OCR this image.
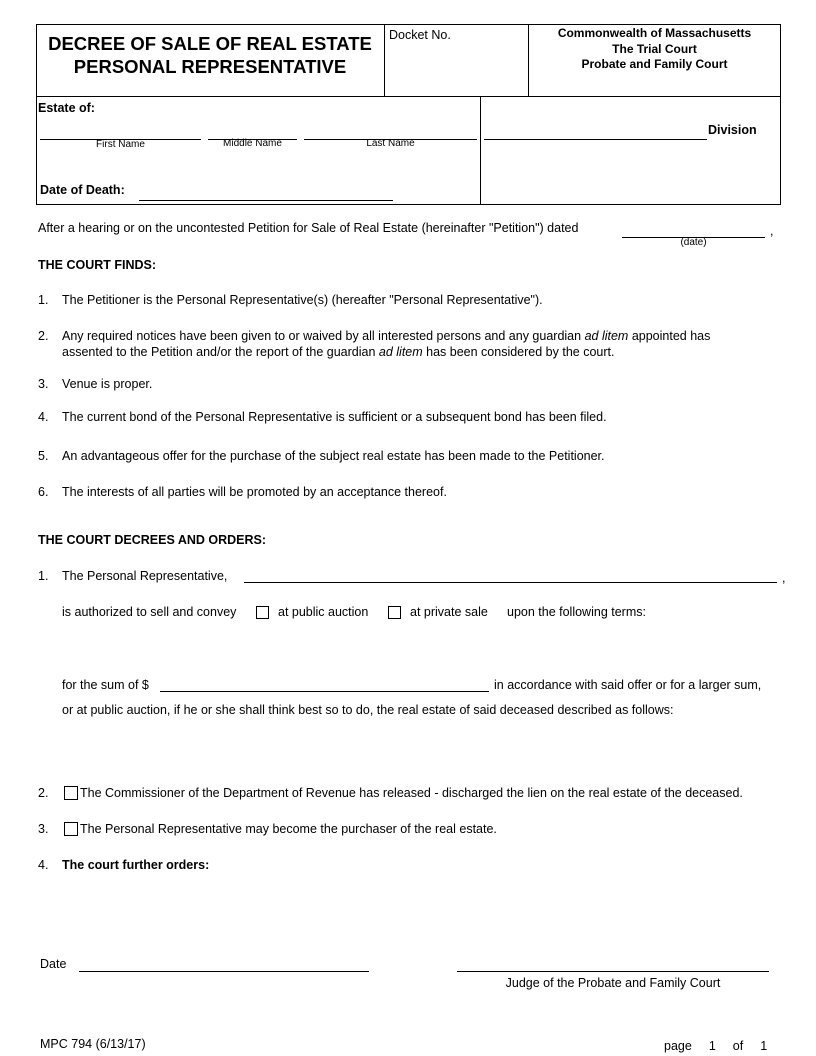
DECREE OF SALE OF REAL ESTATE
PERSONAL REPRESENTATIVE
Docket No.	Commonwealth of Massachusetts
The Trial Court
Probate and Family Court
Estate of:
First Name	Middle Name	Last Name
Division
Date of Death:
After a hearing or on the uncontested Petition for Sale of Real Estate (hereinafter "Petition") dated	,
(date)
THE COURT FINDS:
1. The Petitioner is the Personal Representative(s) (hereafter "Personal Representative").
2. Any required notices have been given to or waived by all interested persons and any guardian ad litem appointed has
assented to the Petition and/or the report of the guardian ad litem has been considered by the court.
3. Venue is proper.
4. The current bond of the Personal Representative is sufficient or a subsequent bond has been filed.
5. An advantageous offer for the purchase of the subject real estate has been made to the Petitioner.
6. The interests of all parties will be promoted by an acceptance thereof.
THE COURT DECREES AND ORDERS:
1. The Personal Representative,	,
is authorized to sell and convey	at public auction	at private sale upon the following terms:
for the sum of $	in accordance with said offer or for a larger sum,
or at public auction, if he or she shall think best so to do, the real estate of said deceased described as follows:
2.	The Commissioner of the Department of Revenue has released - discharged the lien on the real estate of the deceased.
3.	The Personal Representative may become the purchaser of the real estate.
4. The court further orders:
Date
Judge of the Probate and Family Court
MPC 794 (6/13/17)	page 1 of 1
